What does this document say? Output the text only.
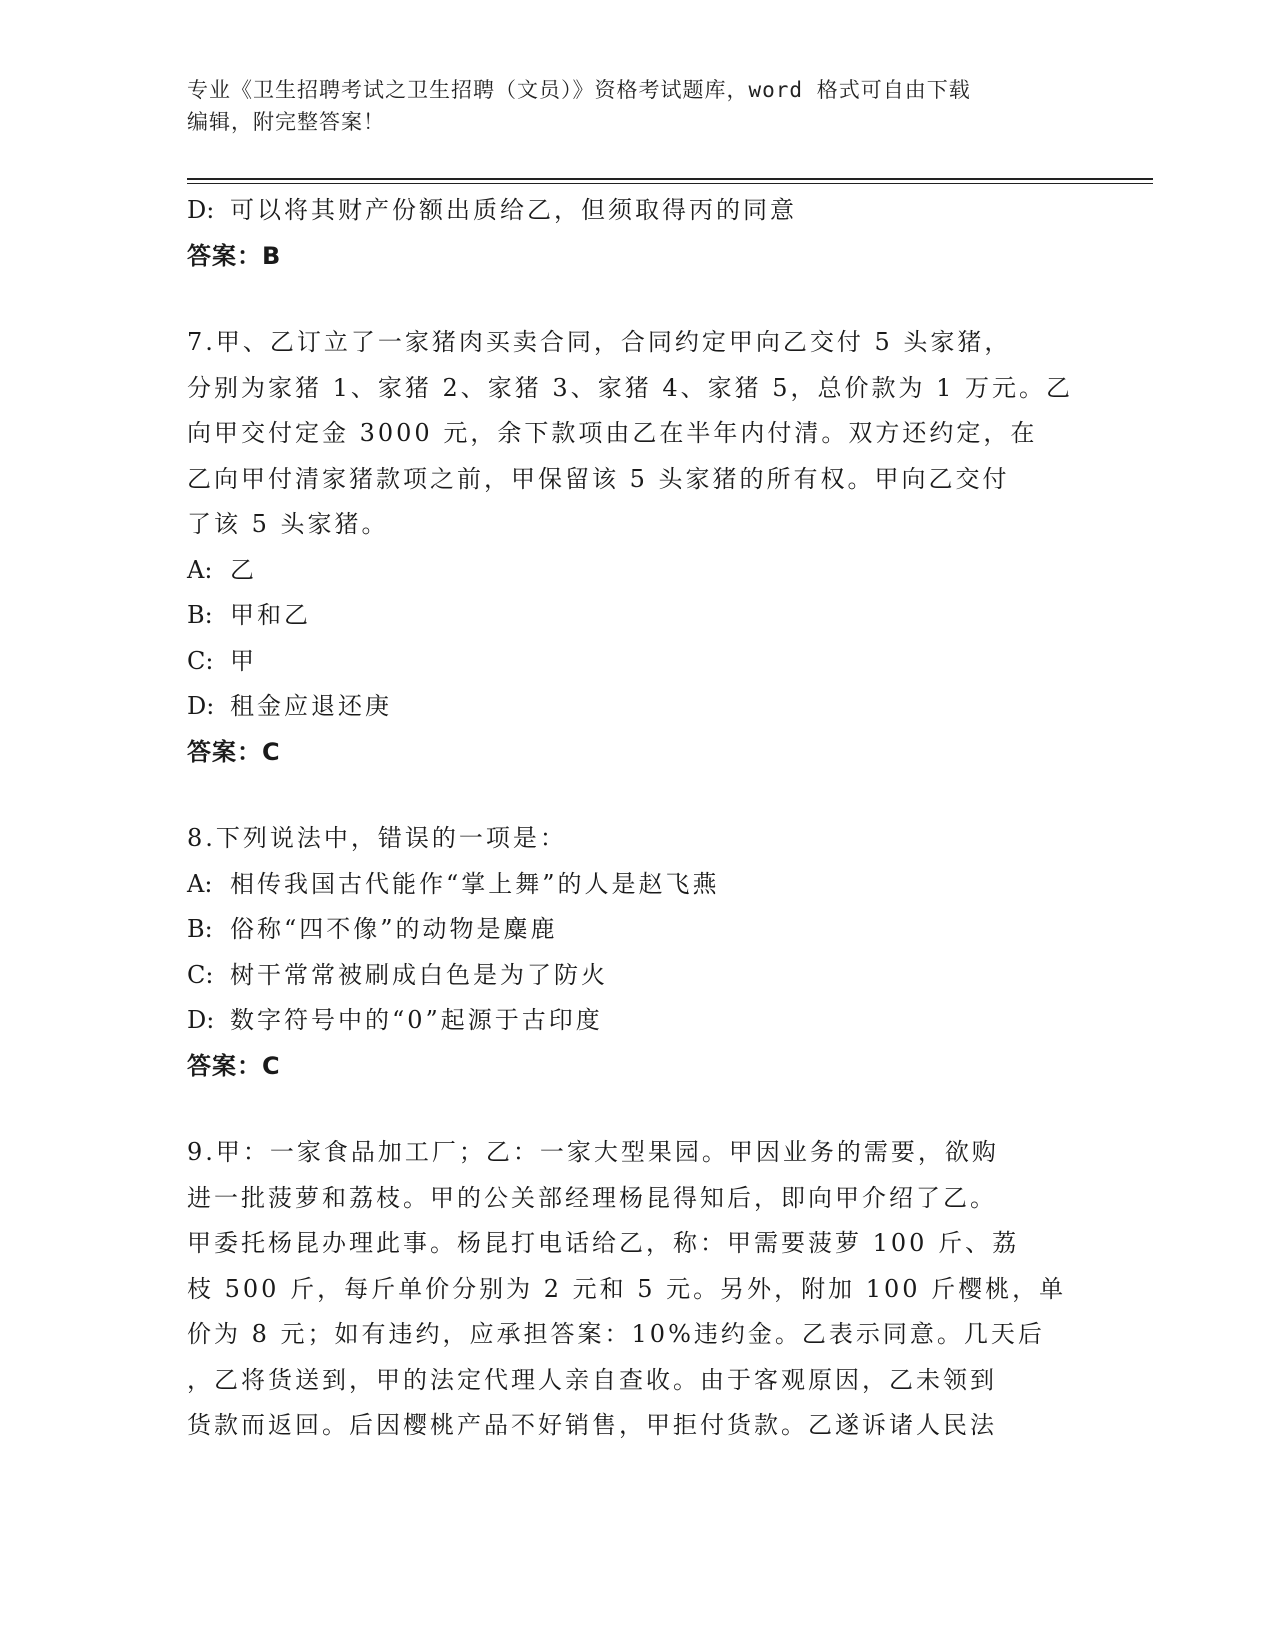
专业《卫生招聘考试之卫生招聘（文员）》资格考试题库，word 格式可自由下载
编辑，附完整答案！
D: 可以将其财产份额出质给乙，但须取得丙的同意
答案：B
7.甲、乙订立了一家猪肉买卖合同，合同约定甲向乙交付 5 头家猪，
分别为家猪 1、家猪 2、家猪 3、家猪 4、家猪 5，总价款为 1 万元。乙
向甲交付定金 3000 元，余下款项由乙在半年内付清。双方还约定，在
乙向甲付清家猪款项之前，甲保留该 5 头家猪的所有权。甲向乙交付
了该 5 头家猪。
A: 乙
B: 甲和乙
C: 甲
D: 租金应退还庚
答案：C
8.下列说法中，错误的一项是：
A: 相传我国古代能作“掌上舞”的人是赵飞燕
B: 俗称“四不像”的动物是麋鹿
C: 树干常常被刷成白色是为了防火
D: 数字符号中的“0”起源于古印度
答案：C
9.甲：一家食品加工厂；乙：一家大型果园。甲因业务的需要，欲购
进一批菠萝和荔枝。甲的公关部经理杨昆得知后，即向甲介绍了乙。
甲委托杨昆办理此事。杨昆打电话给乙，称：甲需要菠萝 100 斤、荔
枝 500 斤，每斤单价分别为 2 元和 5 元。另外，附加 100 斤樱桃，单
价为 8 元；如有违约，应承担答案：10%违约金。乙表示同意。几天后
，乙将货送到，甲的法定代理人亲自查收。由于客观原因，乙未领到
货款而返回。后因樱桃产品不好销售，甲拒付货款。乙遂诉诸人民法
